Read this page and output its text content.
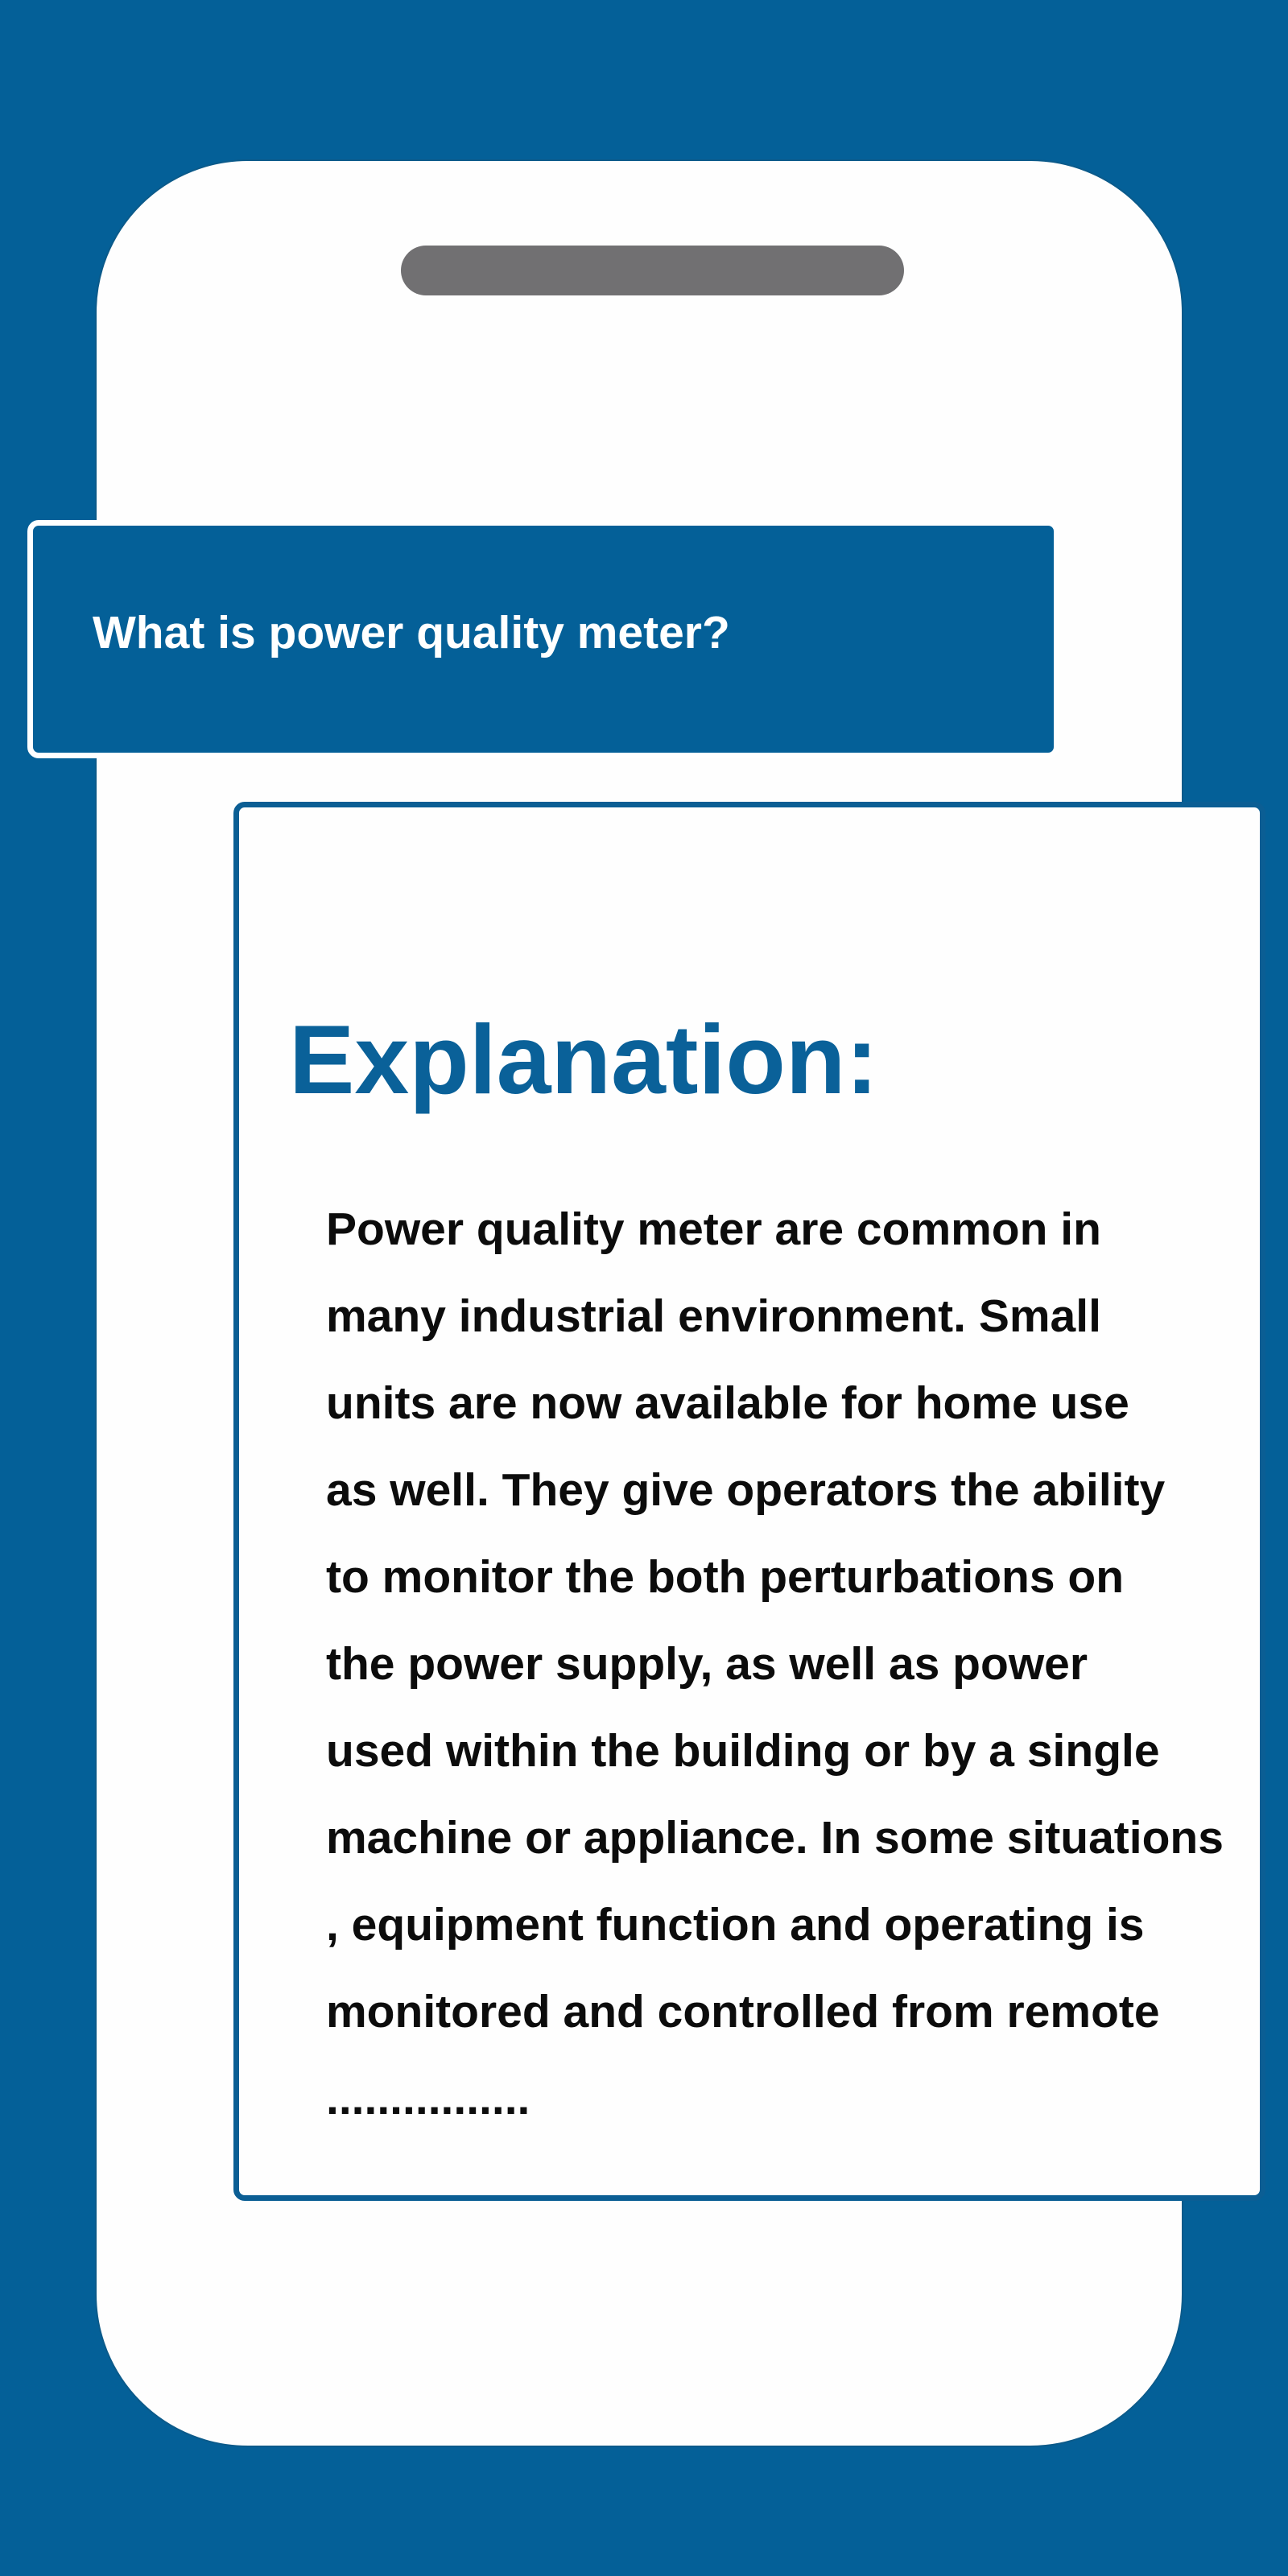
What is power quality meter?

Explanation:

Power quality meter are common in
many industrial environment. Small
units are now available for home use
as well. They give operators the ability
to monitor the both perturbations on
the power supply, as well as power
used within the building or by a single
machine or appliance. In some situations
, equipment function and operating is
monitored and controlled from remote
................
